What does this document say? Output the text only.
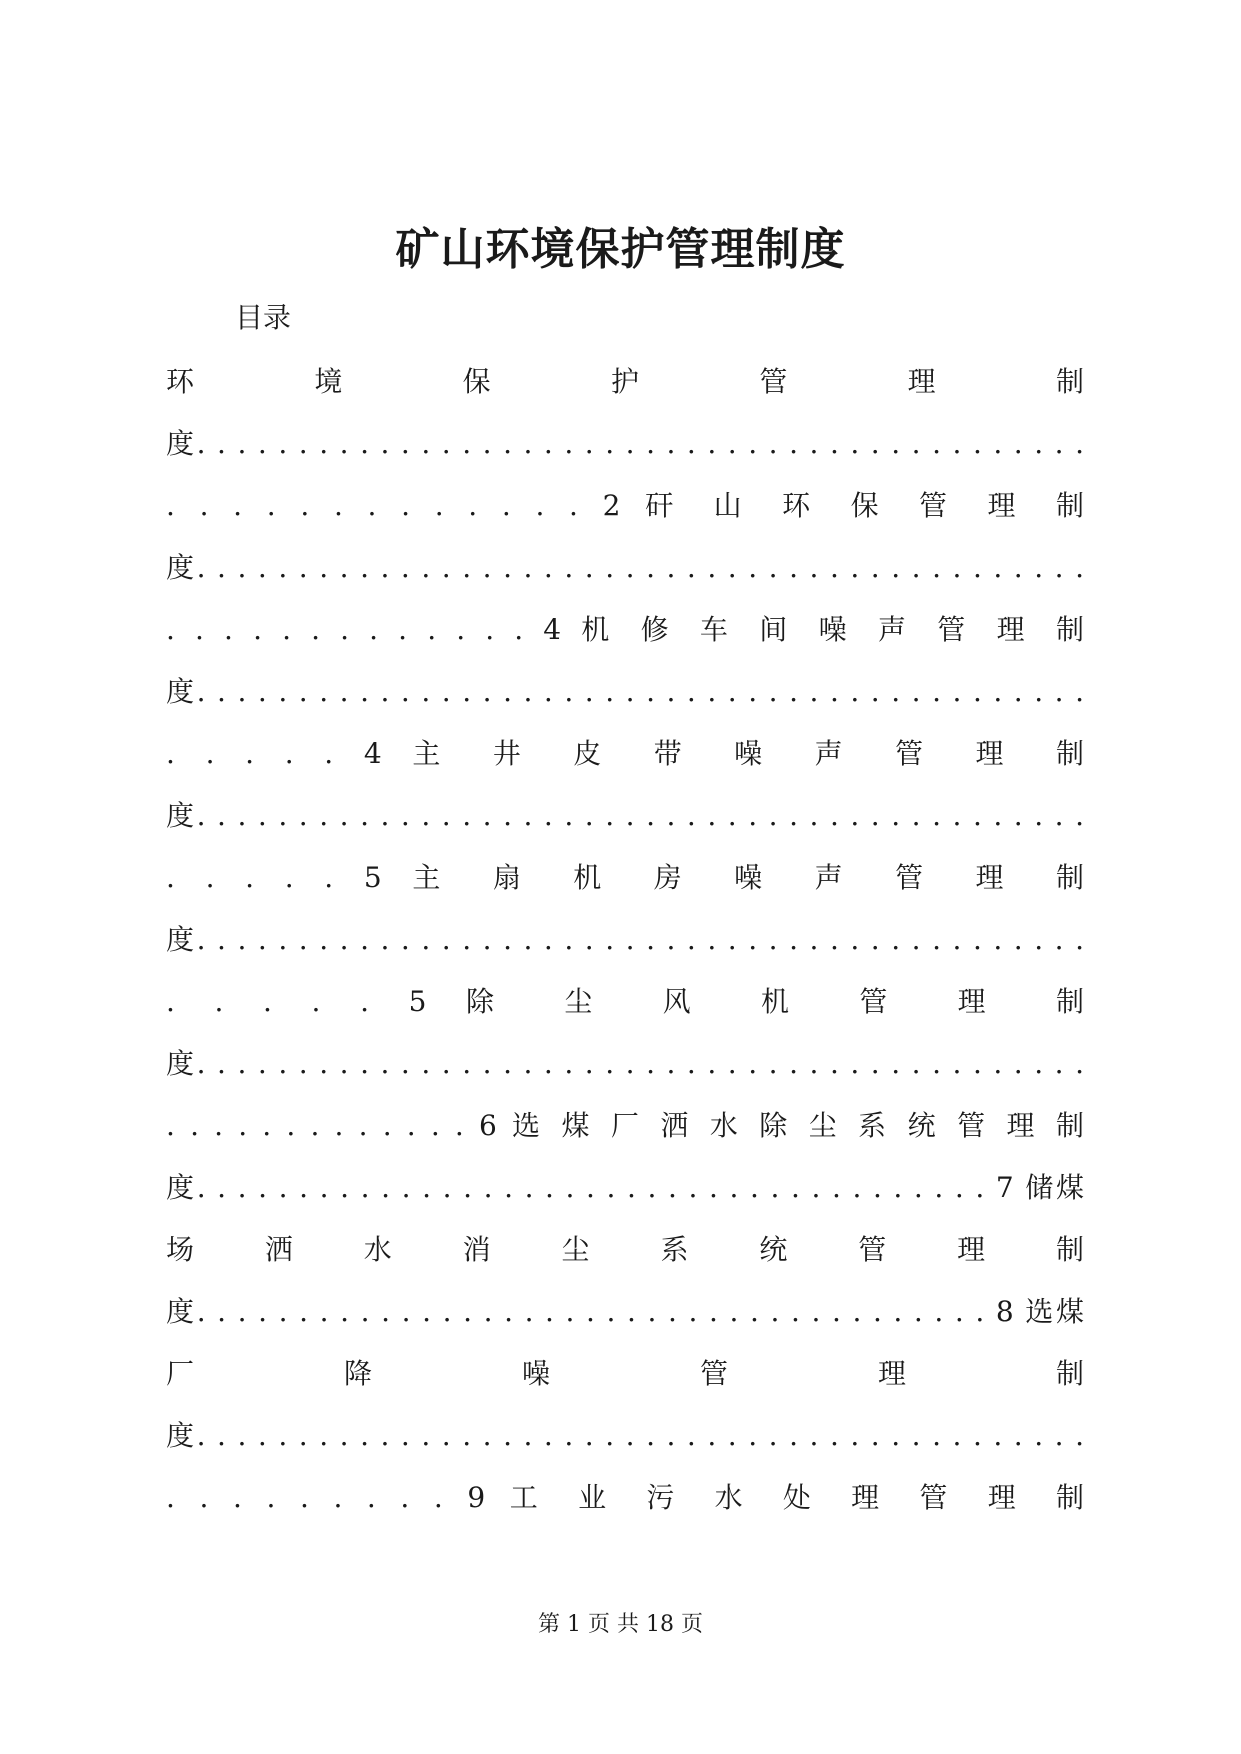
矿山环境保护管理制度
目录
环 境 保 护 管 理 制
度. . . . . . . . . . . . . . . . . . . . . . . . . . . . . . . . . . . . . . . . . . . .
. . . . . . . . . . . . . 2 矸 山 环 保 管 理 制
度. . . . . . . . . . . . . . . . . . . . . . . . . . . . . . . . . . . . . . . . . . . .
. . . . . . . . . . . . . 4 机 修 车 间 噪 声 管 理 制
度. . . . . . . . . . . . . . . . . . . . . . . . . . . . . . . . . . . . . . . . . . . .
. . . . . 4 主 井 皮 带 噪 声 管 理 制
度. . . . . . . . . . . . . . . . . . . . . . . . . . . . . . . . . . . . . . . . . . . .
. . . . . 5 主 扇 机 房 噪 声 管 理 制
度. . . . . . . . . . . . . . . . . . . . . . . . . . . . . . . . . . . . . . . . . . . .
. . . . . 5 除 尘 风 机 管 理 制
度. . . . . . . . . . . . . . . . . . . . . . . . . . . . . . . . . . . . . . . . . . . .
. . . . . . . . . . . . . 6 选 煤 厂 洒 水 除 尘 系 统 管 理 制
度. . . . . . . . . . . . . . . . . . . . . . . . . . . . . . . . . . . . . . . 7 储煤
场 洒 水 消 尘 系 统 管 理 制
度. . . . . . . . . . . . . . . . . . . . . . . . . . . . . . . . . . . . . . . 8 选煤
厂 降 噪 管 理 制
度. . . . . . . . . . . . . . . . . . . . . . . . . . . . . . . . . . . . . . . . . . . .
. . . . . . . . . 9 工 业 污 水 处 理 管 理 制
第 1 页 共 18 页
